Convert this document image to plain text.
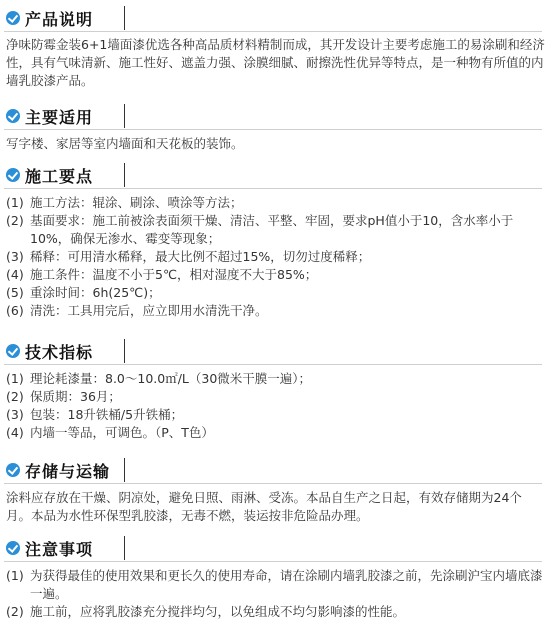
产品说明

净味防霉金装6+1墙面漆优选各种高品质材料精制而成，其开发设计主要考虑施工的易涂刷和经济性，具有气味清新、施工性好、遮盖力强、涂膜细腻、耐擦洗性优异等特点，是一种物有所值的内墙乳胶漆产品。

主要适用

写字楼、家居等室内墙面和天花板的装饰。

施工要点
(1) 施工方法：辊涂、刷涂、喷涂等方法；
(2) 基面要求：施工前被涂表面须干燥、清洁、平整、牢固，要求pH值小于10，含水率小于10%，确保无渗水、霉变等现象；
(3) 稀释：可用清水稀释，最大比例不超过15%，切勿过度稀释；
(4) 施工条件：温度不小于5℃，相对湿度不大于85%；
(5) 重涂时间：6h(25℃)；
(6) 清洗：工具用完后，应立即用水清洗干净。
技术指标
(1) 理论耗漆量：8.0～10.0㎡/L（30微米干膜一遍）；
(2) 保质期：36月；
(3) 包装：18升铁桶/5升铁桶；
(4) 内墙一等品，可调色。（P、T色）
存储与运输

涂料应存放在干燥、阴凉处，避免日照、雨淋、受冻。本品自生产之日起，有效存储期为24个月。本品为水性环保型乳胶漆，无毒不燃，装运按非危险品办理。

注意事项
(1) 为获得最佳的使用效果和更长久的使用寿命，请在涂刷内墙乳胶漆之前，先涂刷沪宝内墙底漆一遍。
(2) 施工前，应将乳胶漆充分搅拌均匀，以免组成不均匀影响漆的性能。
